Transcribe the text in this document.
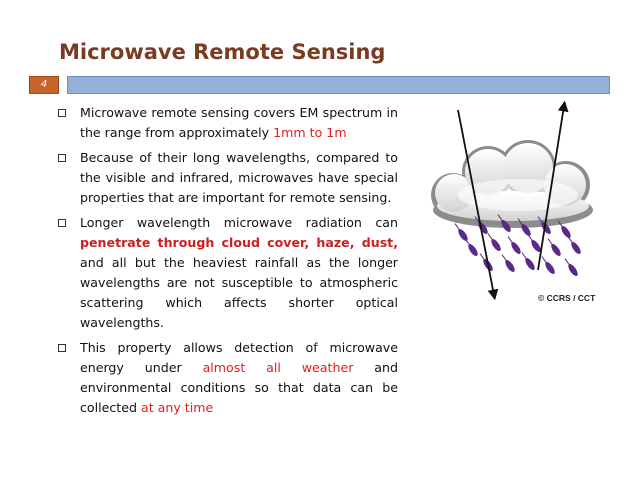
Microwave Remote Sensing
4
Microwave remote sensing covers EM spectrum in the range from approximately 1mm to 1m
Because of their long wavelengths, compared to the visible and infrared, microwaves have special properties that are important for remote sensing.
Longer wavelength microwave radiation can penetrate through cloud cover, haze, dust, and all but the heaviest rainfall as the longer wavelengths are not susceptible to atmospheric scattering which affects shorter optical wavelengths.
This property allows detection of microwave energy under almost all weather and environmental conditions so that data can be collected at any time
© CCRS / CCT
